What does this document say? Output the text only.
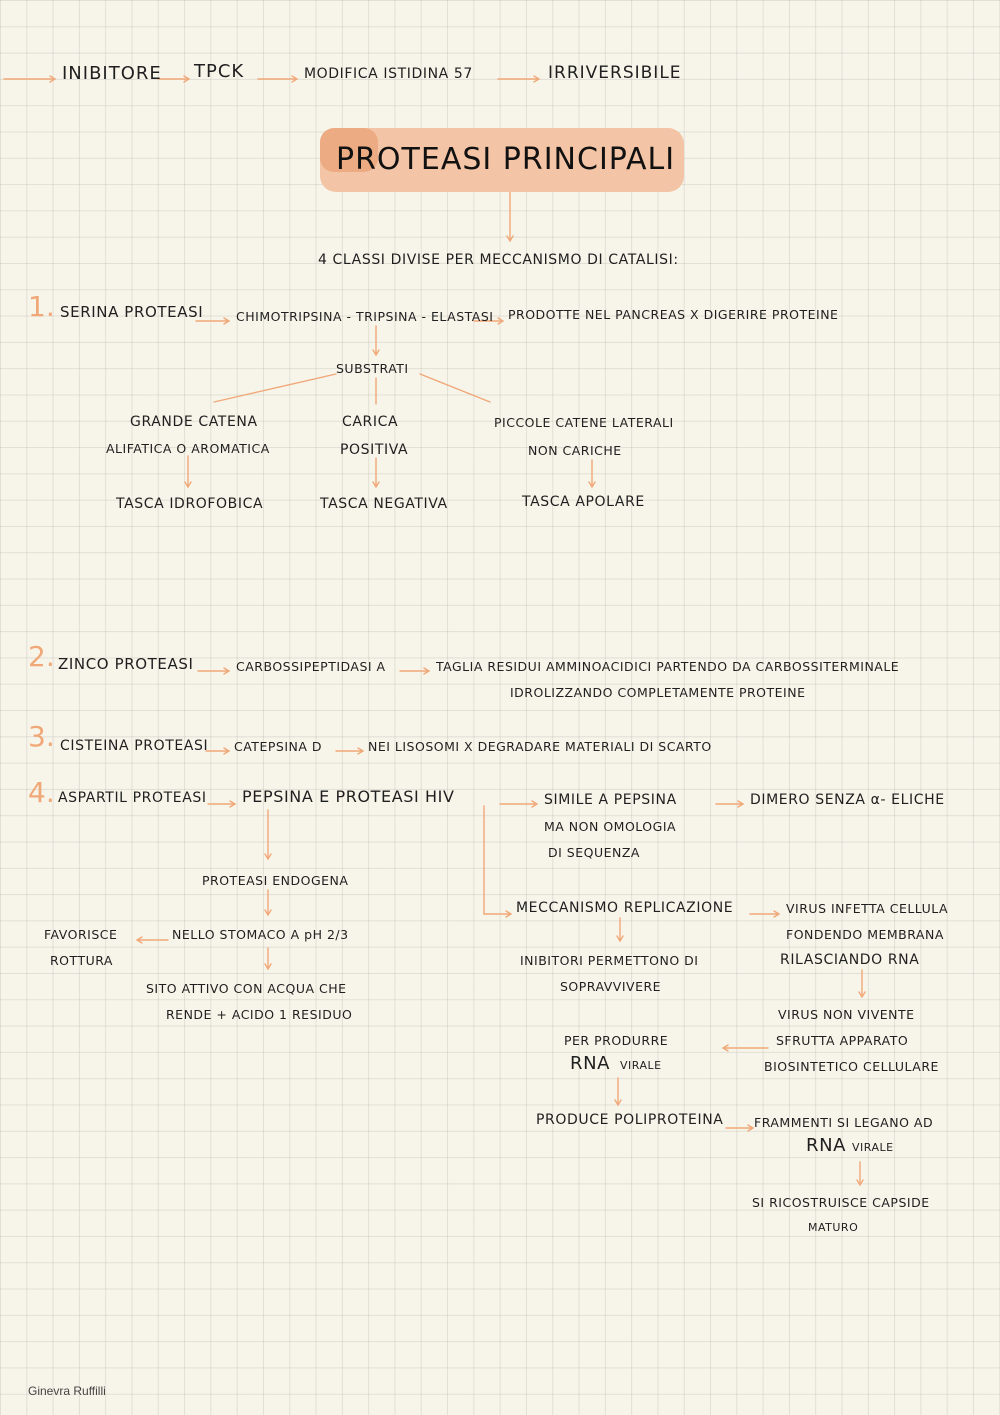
INIBITORE TPCK	MODIFICA ISTIDINA 57	IRRIVERSIBILE
PROTEASI PRINCIPALI
4 CLASSI DIVISE PER MECCANISMO DI CATALISI:
1. SERINA PROTEASI	CHIMOTRIPSINA - TRIPSINA - ELASTASI PRODOTTE NEL PANCREAS X DIGERIRE PROTEINE
SUBSTRATI
GRANDE CATENA
ALIFATICA O AROMATICA
CARICA
POSITIVA
PICCOLE CATENE LATERALI
NON CARICHE
TASCA IDROFOBICA	TASCA NEGATIVA	TASCA APOLARE
2. ZINCO PROTEASI	CARBOSSIPEPTIDASI A	TAGLIA RESIDUI AMMINOACIDICI PARTENDO DA CARBOSSITERMINALE
IDROLIZZANDO COMPLETAMENTE PROTEINE
3. CISTEINA PROTEASI CATEPSINA D	NEI LISOSOMI X DEGRADARE MATERIALI DI SCARTO
4. ASPARTIL PROTEASI PEPSINA E PROTEASI HIV	SIMILE A PEPSINA
MA NON OMOLOGIA
DI SEQUENZA
DIMERO SENZA α- ELICHE
PROTEASI ENDOGENA
NELLO STOMACO A pH 2/3
FAVORISCE
ROTTURA
SITO ATTIVO CON ACQUA CHE
RENDE + ACIDO 1 RESIDUO
MECCANISMO REPLICAZIONE	VIRUS INFETTA CELLULA
FONDENDO MEMBRANA
RILASCIANDO RNA
INIBITORI PERMETTONO DI
SOPRAVVIVERE
VIRUS NON VIVENTE
SFRUTTA APPARATO
BIOSINTETICO CELLULARE
PER PRODURRE
RNA VIRALE
PRODUCE POLIPROTEINA FRAMMENTI SI LEGANO AD
RNA VIRALE
SI RICOSTRUISCE CAPSIDE
MATURO
Ginevra Ruffilli
